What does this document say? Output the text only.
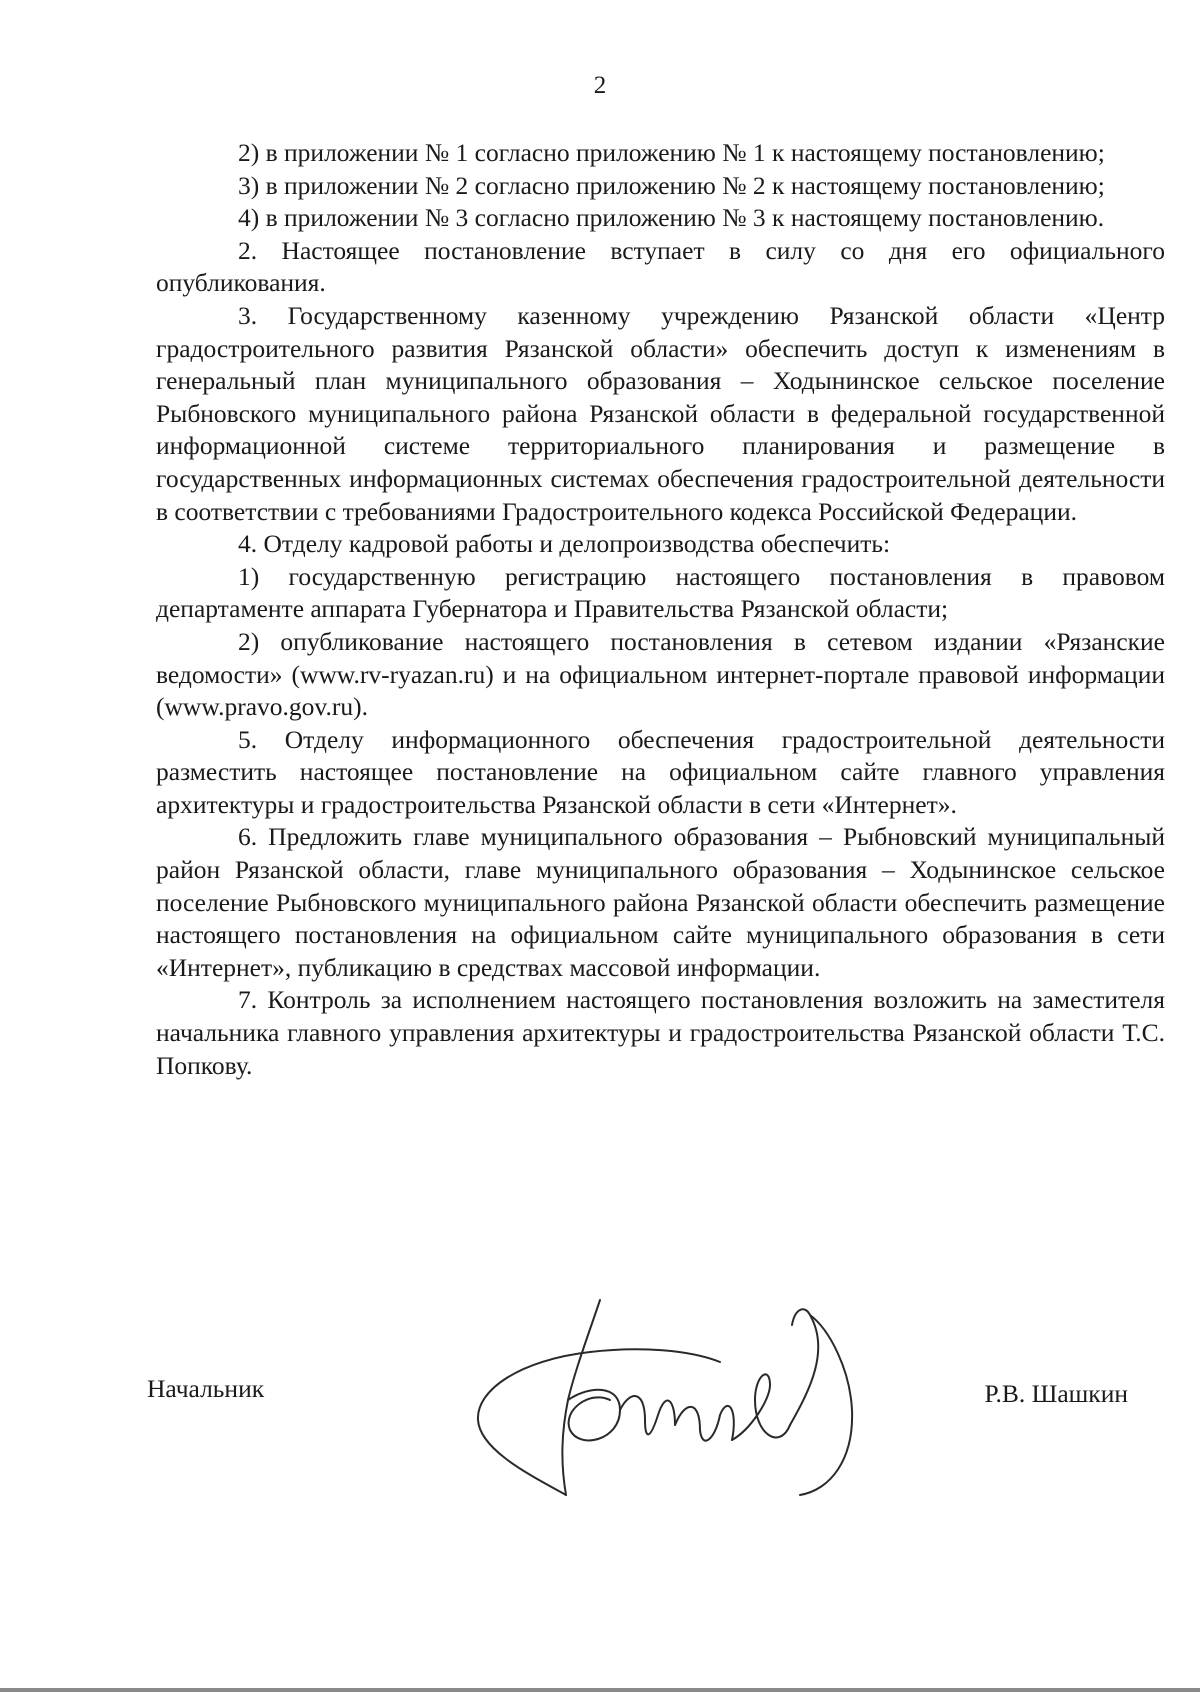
2

2) в приложении № 1 согласно приложению № 1 к настоящему постановлению;

3) в приложении № 2 согласно приложению № 2 к настоящему постановлению;

4) в приложении № 3 согласно приложению № 3 к настоящему постановлению.

2. Настоящее постановление вступает в силу со дня его официального опубликования.

3. Государственному казенному учреждению Рязанской области «Центр градостроительного развития Рязанской области» обеспечить доступ к изменениям в генеральный план муниципального образования – Ходынинское сельское поселение Рыбновского муниципального района Рязанской области в федеральной государственной информационной системе территориального планирования и размещение в государственных информационных системах обеспечения градостроительной деятельности в соответствии с требованиями Градостроительного кодекса Российской Федерации.

4. Отделу кадровой работы и делопроизводства обеспечить:

1) государственную регистрацию настоящего постановления в правовом департаменте аппарата Губернатора и Правительства Рязанской области;

2) опубликование настоящего постановления в сетевом издании «Рязанские ведомости» (www.rv-ryazan.ru) и на официальном интернет-портале правовой информации (www.pravo.gov.ru).

5. Отделу информационного обеспечения градостроительной деятельности разместить настоящее постановление на официальном сайте главного управления архитектуры и градостроительства Рязанской области в сети «Интернет».

6. Предложить главе муниципального образования – Рыбновский муниципальный район Рязанской области, главе муниципального образования – Ходынинское сельское поселение Рыбновского муниципального района Рязанской области обеспечить размещение настоящего постановления на официальном сайте муниципального образования в сети «Интернет», публикацию в средствах массовой информации.

7. Контроль за исполнением настоящего постановления возложить на заместителя начальника главного управления архитектуры и градостроительства Рязанской области Т.С. Попкову.

Начальник	Р.В. Шашкин
